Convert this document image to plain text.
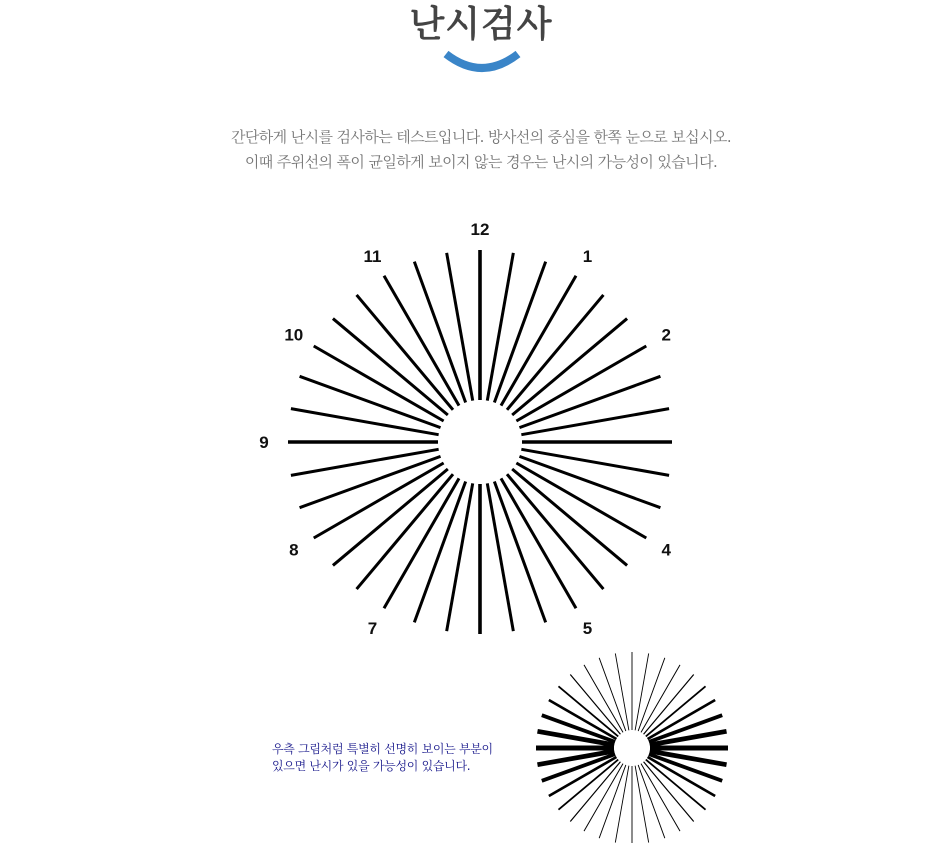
난시검사
간단하게 난시를 검사하는 테스트입니다. 방사선의 중심을 한쪽 눈으로 보십시오.
이때 주위선의 폭이 균일하게 보이지 않는 경우는 난시의 가능성이 있습니다.
12
1
2
4
5
7
8
9
10
11
우측 그림처럼 특별히 선명히 보이는 부분이
있으면 난시가 있을 가능성이 있습니다.
